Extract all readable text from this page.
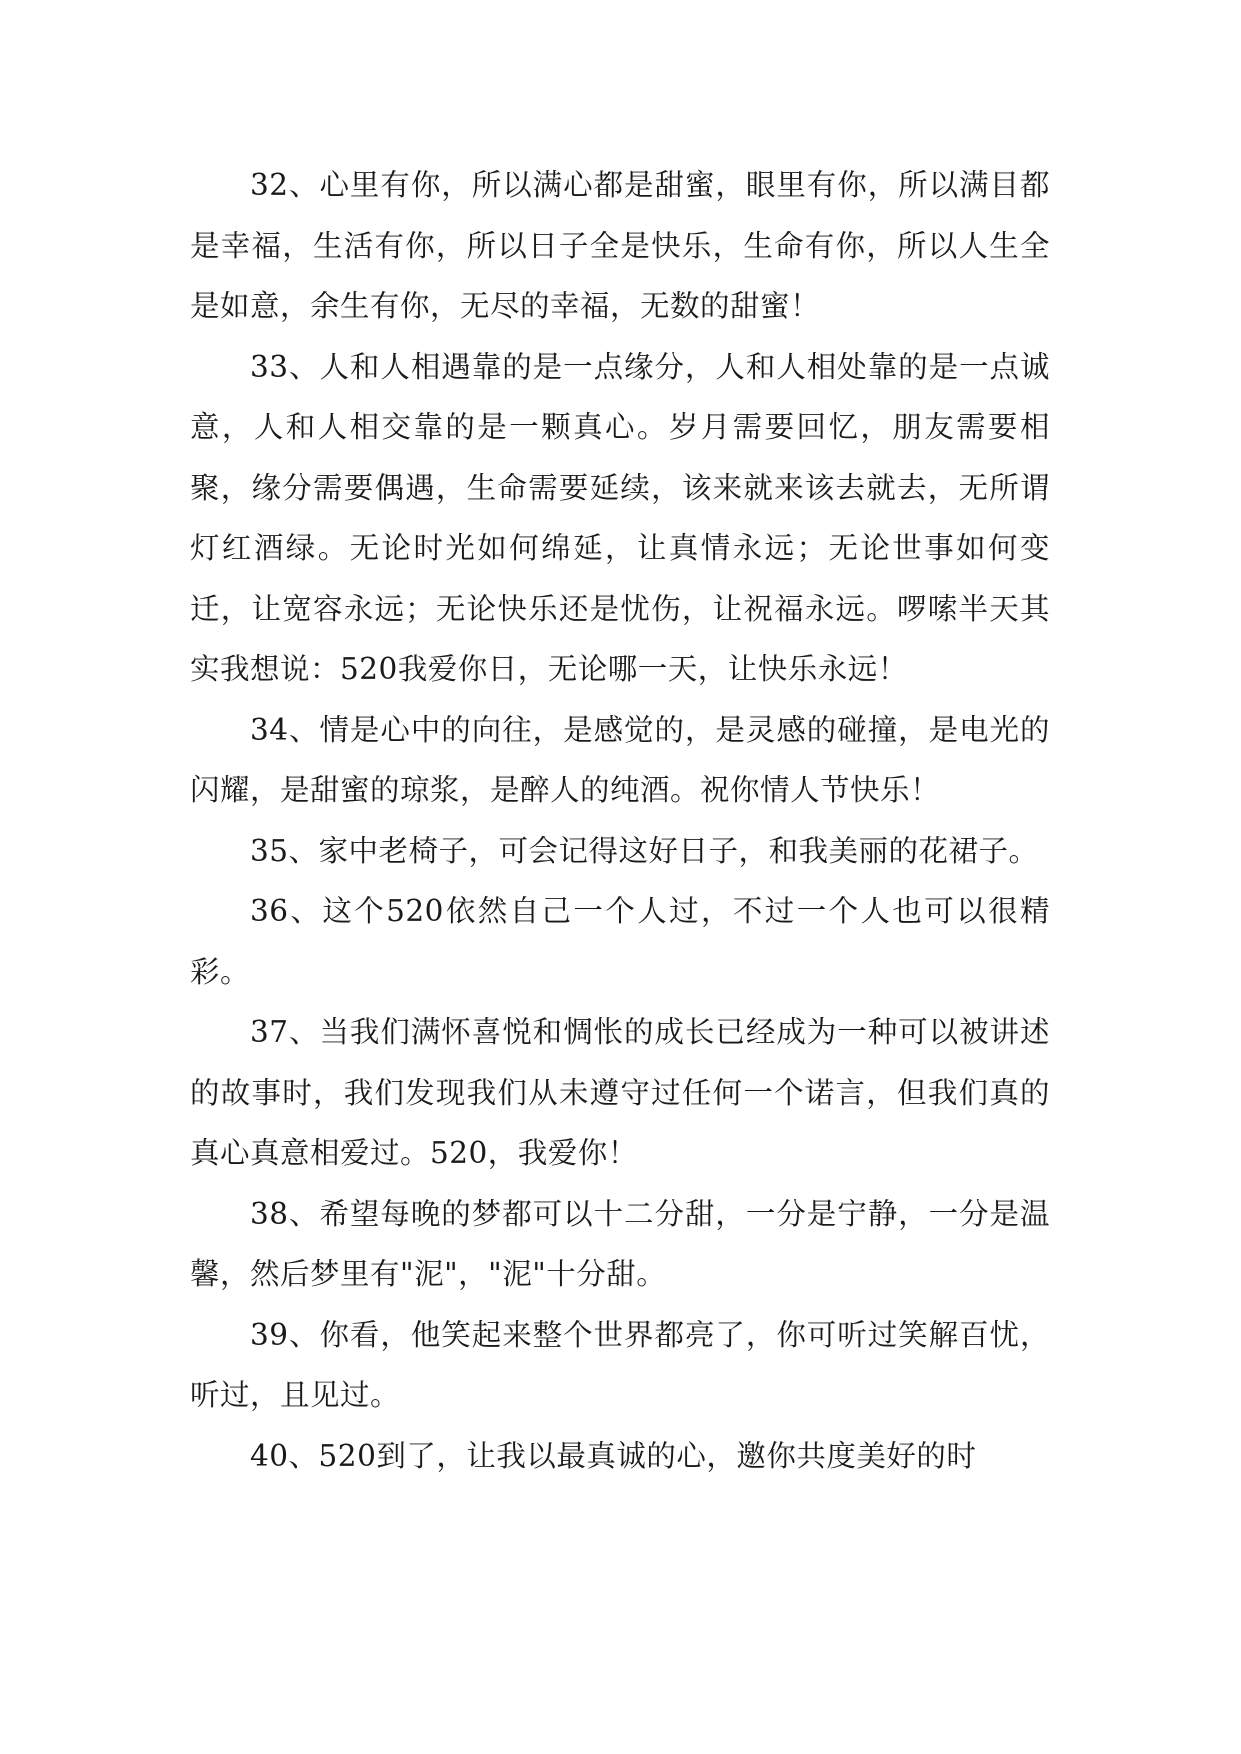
32、心里有你，所以满心都是甜蜜，眼里有你，所以满目都是幸福，生活有你，所以日子全是快乐，生命有你，所以人生全是如意，余生有你，无尽的幸福，无数的甜蜜！

33、人和人相遇靠的是一点缘分，人和人相处靠的是一点诚意，人和人相交靠的是一颗真心。岁月需要回忆，朋友需要相聚，缘分需要偶遇，生命需要延续，该来就来该去就去，无所谓灯红酒绿。无论时光如何绵延，让真情永远；无论世事如何变迁，让宽容永远；无论快乐还是忧伤，让祝福永远。啰嗦半天其实我想说：520我爱你日，无论哪一天，让快乐永远！

34、情是心中的向往，是感觉的，是灵感的碰撞，是电光的闪耀，是甜蜜的琼浆，是醉人的纯酒。祝你情人节快乐！

35、家中老椅子，可会记得这好日子，和我美丽的花裙子。

36、这个520依然自己一个人过，不过一个人也可以很精彩。

37、当我们满怀喜悦和惆怅的成长已经成为一种可以被讲述的故事时，我们发现我们从未遵守过任何一个诺言，但我们真的真心真意相爱过。520，我爱你！

38、希望每晚的梦都可以十二分甜，一分是宁静，一分是温馨，然后梦里有"泥"，"泥"十分甜。

39、你看，他笑起来整个世界都亮了，你可听过笑解百忧，听过，且见过。

40、520到了，让我以最真诚的心，邀你共度美好的时
